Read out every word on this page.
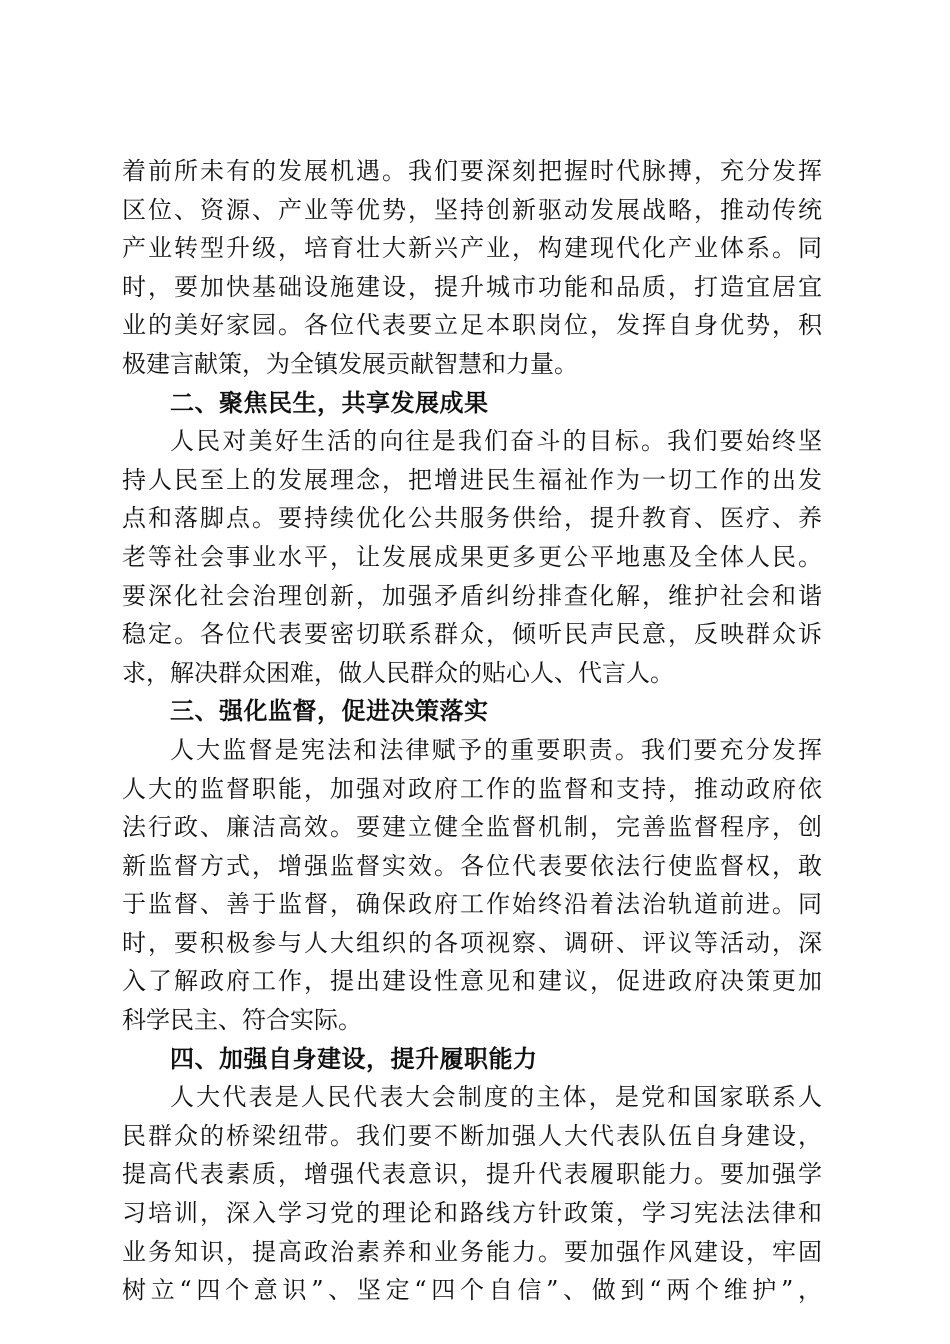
着前所未有的发展机遇。我们要深刻把握时代脉搏，充分发挥
区位、资源、产业等优势，坚持创新驱动发展战略，推动传统
产业转型升级，培育壮大新兴产业，构建现代化产业体系。同
时，要加快基础设施建设，提升城市功能和品质，打造宜居宜
业的美好家园。各位代表要立足本职岗位，发挥自身优势，积
极建言献策，为全镇发展贡献智慧和力量。
二、聚焦民生，共享发展成果
人民对美好生活的向往是我们奋斗的目标。我们要始终坚
持人民至上的发展理念，把增进民生福祉作为一切工作的出发
点和落脚点。要持续优化公共服务供给，提升教育、医疗、养
老等社会事业水平，让发展成果更多更公平地惠及全体人民。
要深化社会治理创新，加强矛盾纠纷排查化解，维护社会和谐
稳定。各位代表要密切联系群众，倾听民声民意，反映群众诉
求，解决群众困难，做人民群众的贴心人、代言人。
三、强化监督，促进决策落实
人大监督是宪法和法律赋予的重要职责。我们要充分发挥
人大的监督职能，加强对政府工作的监督和支持，推动政府依
法行政、廉洁高效。要建立健全监督机制，完善监督程序，创
新监督方式，增强监督实效。各位代表要依法行使监督权，敢
于监督、善于监督，确保政府工作始终沿着法治轨道前进。同
时，要积极参与人大组织的各项视察、调研、评议等活动，深
入了解政府工作，提出建设性意见和建议，促进政府决策更加
科学民主、符合实际。
四、加强自身建设，提升履职能力
人大代表是人民代表大会制度的主体，是党和国家联系人
民群众的桥梁纽带。我们要不断加强人大代表队伍自身建设，
提高代表素质，增强代表意识，提升代表履职能力。要加强学
习培训，深入学习党的理论和路线方针政策，学习宪法法律和
业务知识，提高政治素养和业务能力。要加强作风建设，牢固
树立“四个意识”、坚定“四个自信”、做到“两个维护”，
